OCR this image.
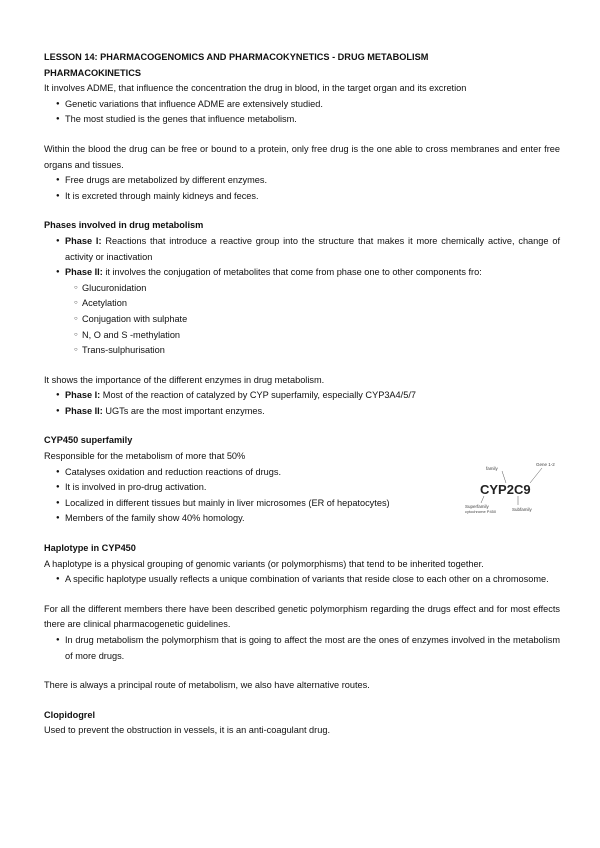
LESSON 14: PHARMACOGENOMICS AND PHARMACOKYNETICS - DRUG METABOLISM

PHARMACOKINETICS

It involves ADME, that influence the concentration the drug in blood, in the target organ and its excretion

● Genetic variations that influence ADME are extensively studied.
● The most studied is the genes that influence metabolism.

Within the blood the drug can be free or bound to a protein, only free drug is the one able to cross membranes and enter free organs and tissues.

● Free drugs are metabolized by different enzymes.
● It is excreted through mainly kidneys and feces.

Phases involved in drug metabolism

● Phase I: Reactions that introduce a reactive group into the structure that makes it more chemically active, change of activity or inactivation
● Phase II: it involves the conjugation of metabolites that come from phase one to other components fro:
○ Glucuronidation
○ Acetylation
○ Conjugation with sulphate
○ N, O and S -methylation
○ Trans-sulphurisation

It shows the importance of the different enzymes in drug metabolism.

● Phase I: Most of the reaction of catalyzed by CYP superfamily, especially CYP3A4/5/7
● Phase II: UGTs are the most important enzymes.

CYP450 superfamily

Responsible for the metabolism of more that 50%

● Catalyses oxidation and reduction reactions of drugs.
● It is involved in pro-drug activation.
● Localized in different tissues but mainly in liver microsomes (ER of hepatocytes)
● Members of the family show 40% homology.
family
Gene 1-2
CYP2C9
Superfamily
cytochrome P450	Subfamily

Haplotype in CYP450

A haplotype is a physical grouping of genomic variants (or polymorphisms) that tend to be inherited together.

● A specific haplotype usually reflects a unique combination of variants that reside close to each other on a chromosome.

For all the different members there have been described genetic polymorphism regarding the drugs effect and for most effects there are clinical pharmacogenetic guidelines.

● In drug metabolism the polymorphism that is going to affect the most are the ones of enzymes involved in the metabolism of more drugs.

There is always a principal route of metabolism, we also have alternative routes.

Clopidogrel

Used to prevent the obstruction in vessels, it is an anti-coagulant drug.
